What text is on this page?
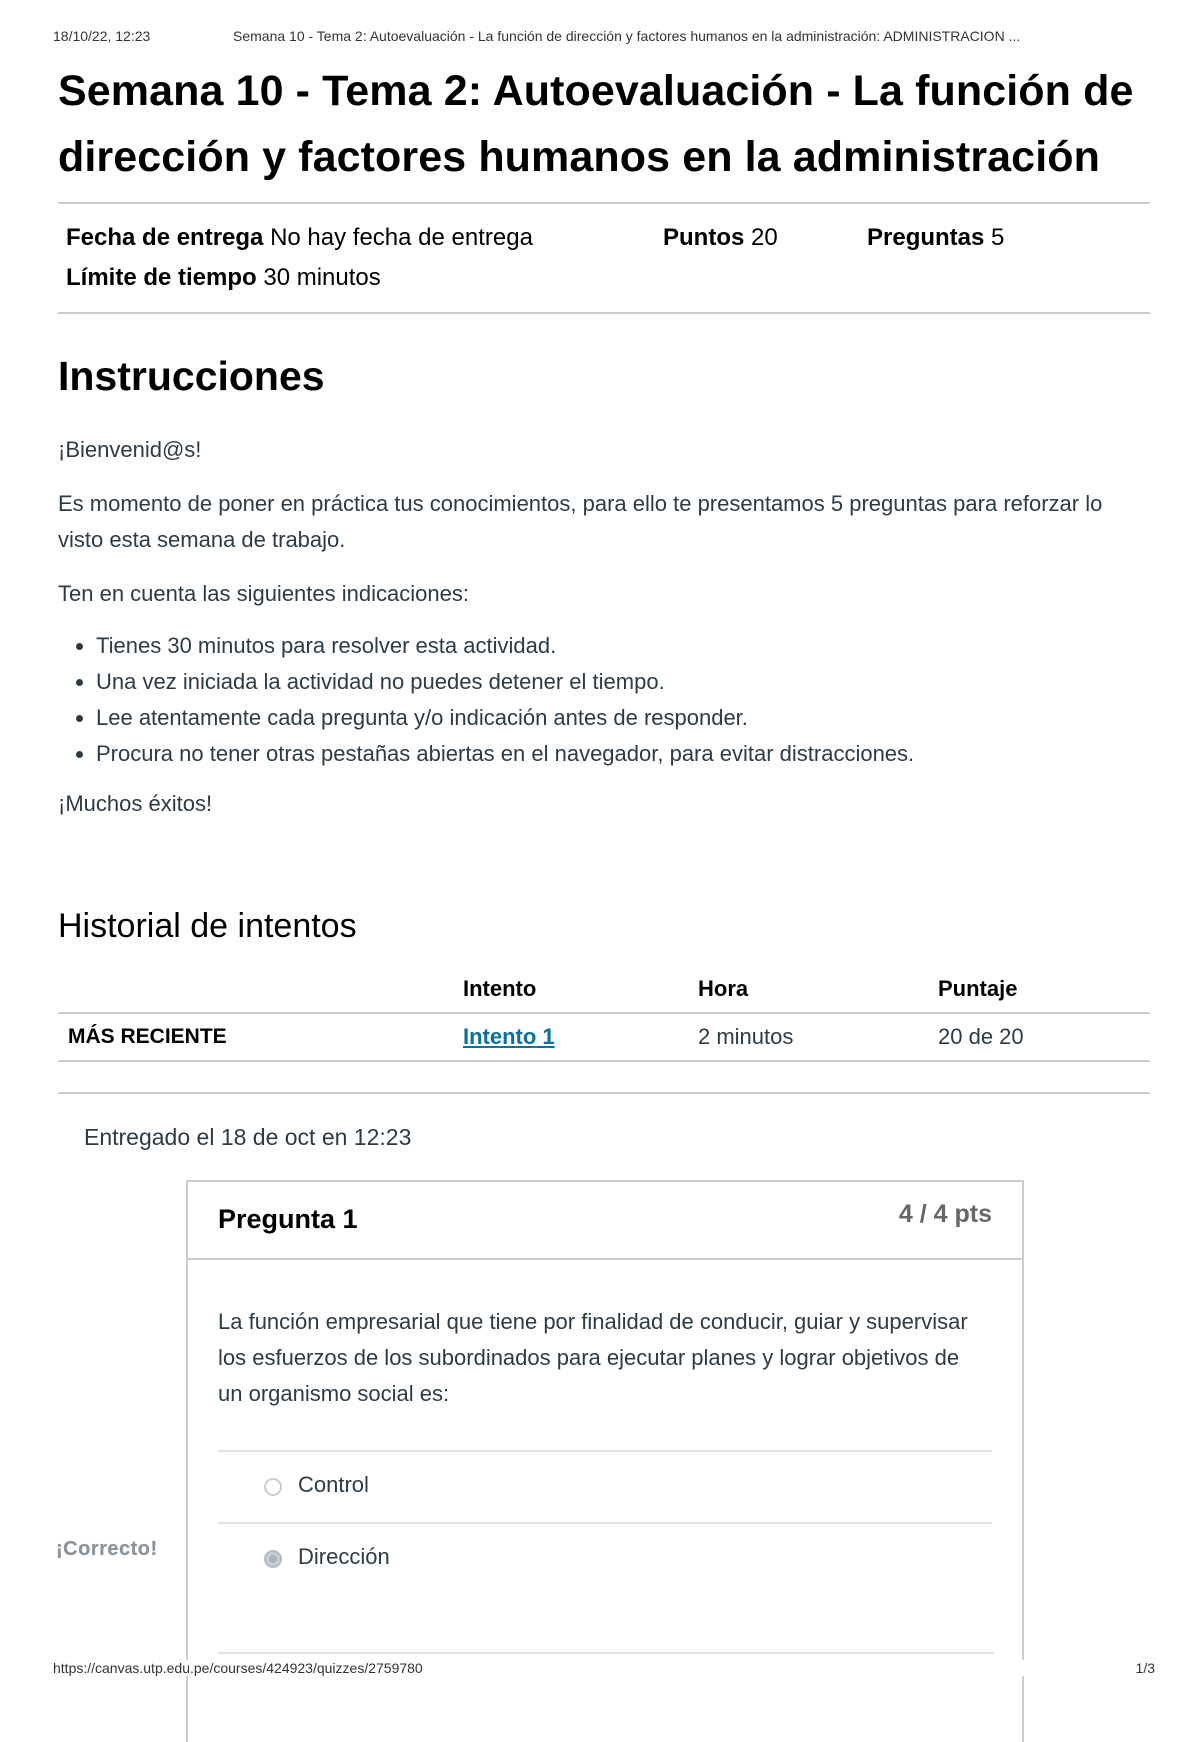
18/10/22, 12:23	Semana 10 - Tema 2: Autoevaluación - La función de dirección y factores humanos en la administración: ADMINISTRACION ...
Semana 10 - Tema 2: Autoevaluación - La función de dirección y factores humanos en la administración
Fecha de entrega No hay fecha de entrega	Puntos 20	Preguntas 5
Límite de tiempo 30 minutos
Instrucciones

¡Bienvenid@s!

Es momento de poner en práctica tus conocimientos, para ello te presentamos 5 preguntas para reforzar lo visto esta semana de trabajo.

Ten en cuenta las siguientes indicaciones:

• Tienes 30 minutos para resolver esta actividad.
• Una vez iniciada la actividad no puedes detener el tiempo.
• Lee atentamente cada pregunta y/o indicación antes de responder.
• Procura no tener otras pestañas abiertas en el navegador, para evitar distracciones.

¡Muchos éxitos!

Historial de intentos
	Intento	Hora	Puntaje
MÁS RECIENTE	Intento 1	2 minutos	20 de 20
Entregado el 18 de oct en 12:23
Pregunta 1	4 / 4 pts
La función empresarial que tiene por finalidad de conducir, guiar y supervisar los esfuerzos de los subordinados para ejecutar planes y lograr objetivos de un organismo social es:
Control
Dirección
¡Correcto!
https://canvas.utp.edu.pe/courses/424923/quizzes/2759780	1/3
